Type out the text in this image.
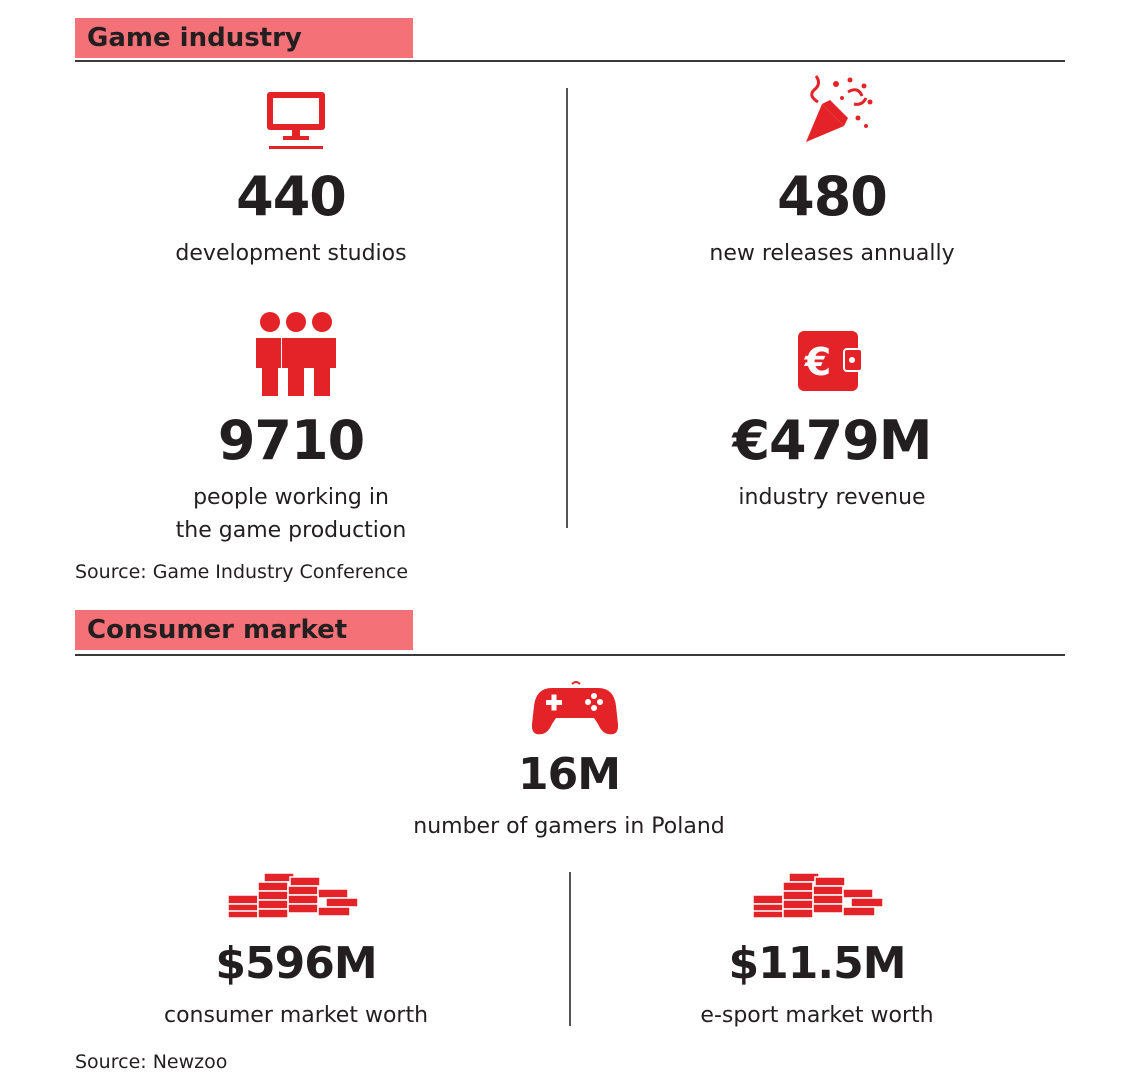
Game industry
440
development studios
480
new releases annually
9710
people working in
the game production
€
€479M
industry revenue
Source: Game Industry Conference
Consumer market
16M
number of gamers in Poland
$596M
consumer market worth
$11.5M
e-sport market worth
Source: Newzoo
